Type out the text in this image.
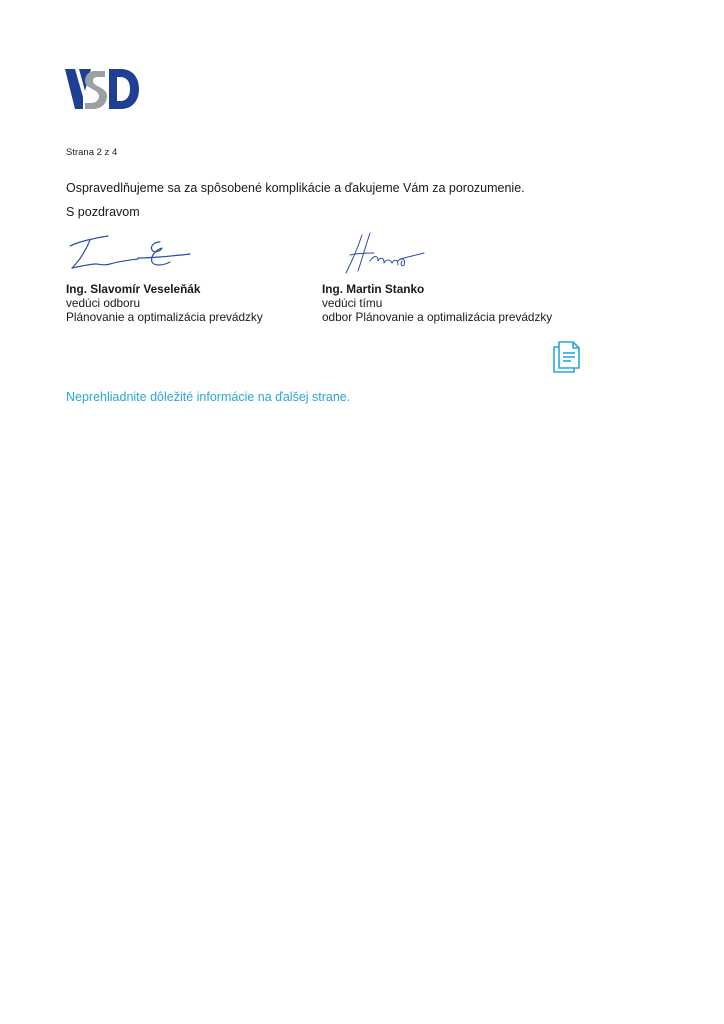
Strana 2 z 4
Ospravedlňujeme sa za spôsobené komplikácie a ďakujeme Vám za porozumenie.
S pozdravom
Ing. Slavomír Veseleňák
vedúci odboru
Plánovanie a optimalizácia prevádzky
Ing. Martin Stanko
vedúci tímu
odbor Plánovanie a optimalizácia prevádzky
Neprehliadnite dôležité informácie na ďalšej strane.
